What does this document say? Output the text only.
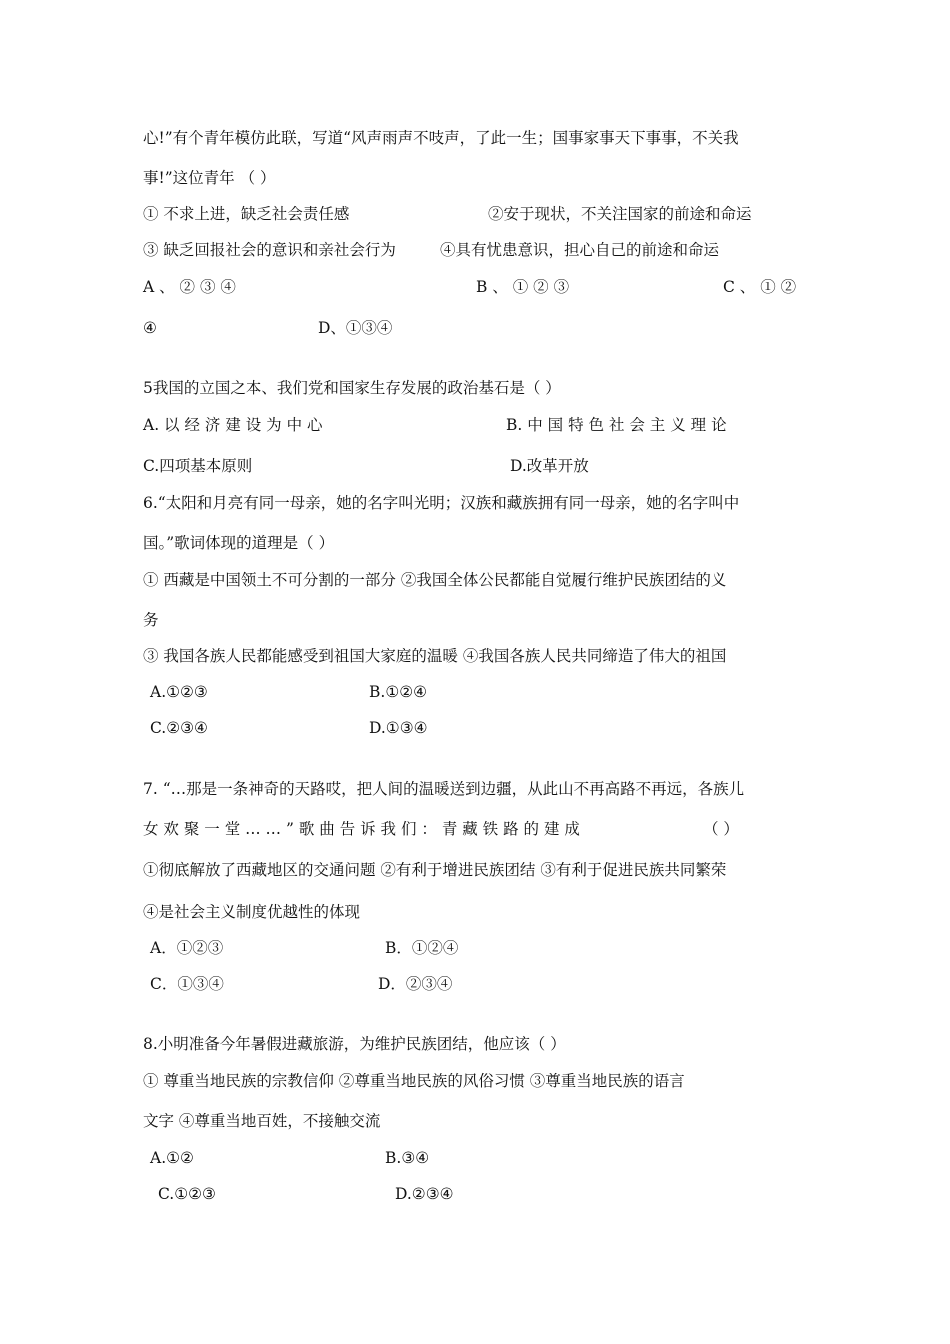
心!”有个青年模仿此联，写道“风声雨声不吱声，了此一生；国事家事天下事事，不关我
事!”这位青年 （ ）
① 不求上进，缺乏社会责任感	②安于现状，不关注国家的前途和命运
③ 缺乏回报社会的意识和亲社会行为	④具有忧患意识，担心自己的前途和命运
A 、 ② ③ ④	B 、 ① ② ③	C 、 ① ②
④	D、①③④
5我国的立国之本、我们党和国家生存发展的政治基石是（ ）
A. 以 经 济 建 设 为 中 心	B. 中 国 特 色 社 会 主 义 理 论
C.四项基本原则	D.改革开放
6.“太阳和月亮有同一母亲，她的名字叫光明；汉族和藏族拥有同一母亲，她的名字叫中
国。”歌词体现的道理是（ ）
① 西藏是中国领土不可分割的一部分 ②我国全体公民都能自觉履行维护民族团结的义
务
③ 我国各族人民都能感受到祖国大家庭的温暖 ④我国各族人民共同缔造了伟大的祖国
A.①②③	B.①②④
C.②③④	D.①③④
7. “…那是一条神奇的天路哎，把人间的温暖送到边疆，从此山不再高路不再远，各族儿
女 欢 聚 一 堂 … … ” 歌 曲 告 诉 我 们 ： 青 藏 铁 路 的 建 成	（ ）
①彻底解放了西藏地区的交通问题 ②有利于增进民族团结 ③有利于促进民族共同繁荣
④是社会主义制度优越性的体现
A．①②③	B．①②④
C．①③④	D．②③④
8.小明准备今年暑假进藏旅游，为维护民族团结，他应该（ ）
① 尊重当地民族的宗教信仰 ②尊重当地民族的风俗习惯 ③尊重当地民族的语言
文字 ④尊重当地百姓，不接触交流
A.①②	B.③④
C.①②③	D.②③④
